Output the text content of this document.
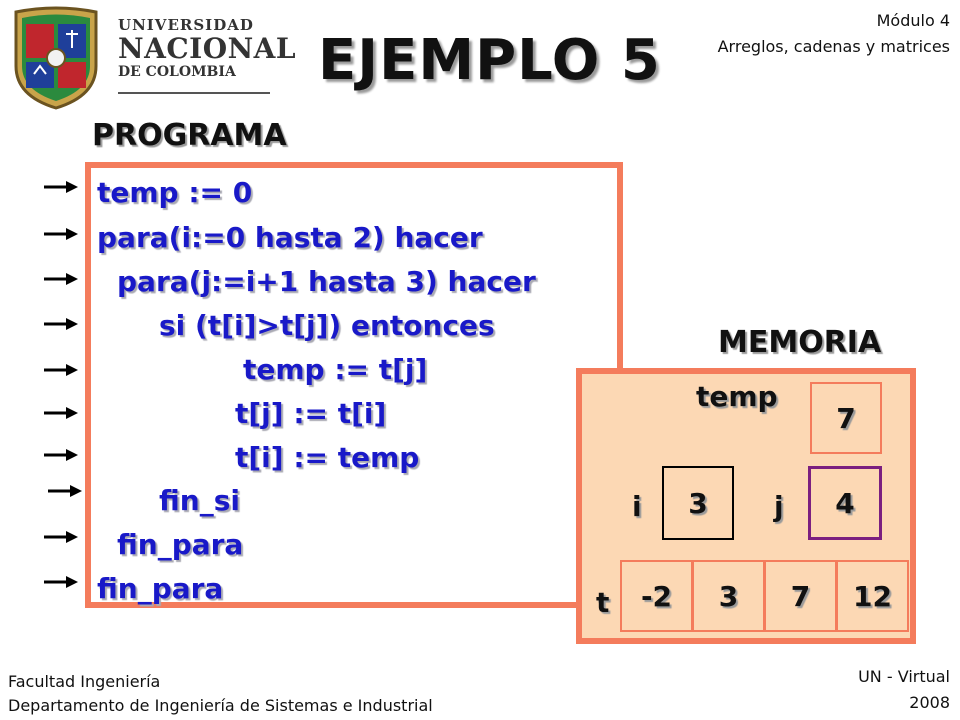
UNIVERSIDAD
NACIONAL
DE COLOMBIA	EJEMPLO 5
Módulo 4
Arreglos, cadenas y matrices
PROGRAMA
temp := 0
para(i:=0 hasta 2) hacer
para(j:=i+1 hasta 3) hacer
si (t[i]>t[j]) entonces
temp := t[j]
t[j] := t[i]
t[i] := temp
fin_si
fin_para
fin_para
MEMORIA
temp
7
i	3	j	4
t	-2	3	7	12
Facultad Ingeniería
Departamento de Ingeniería de Sistemas e Industrial
UN - Virtual
2008
